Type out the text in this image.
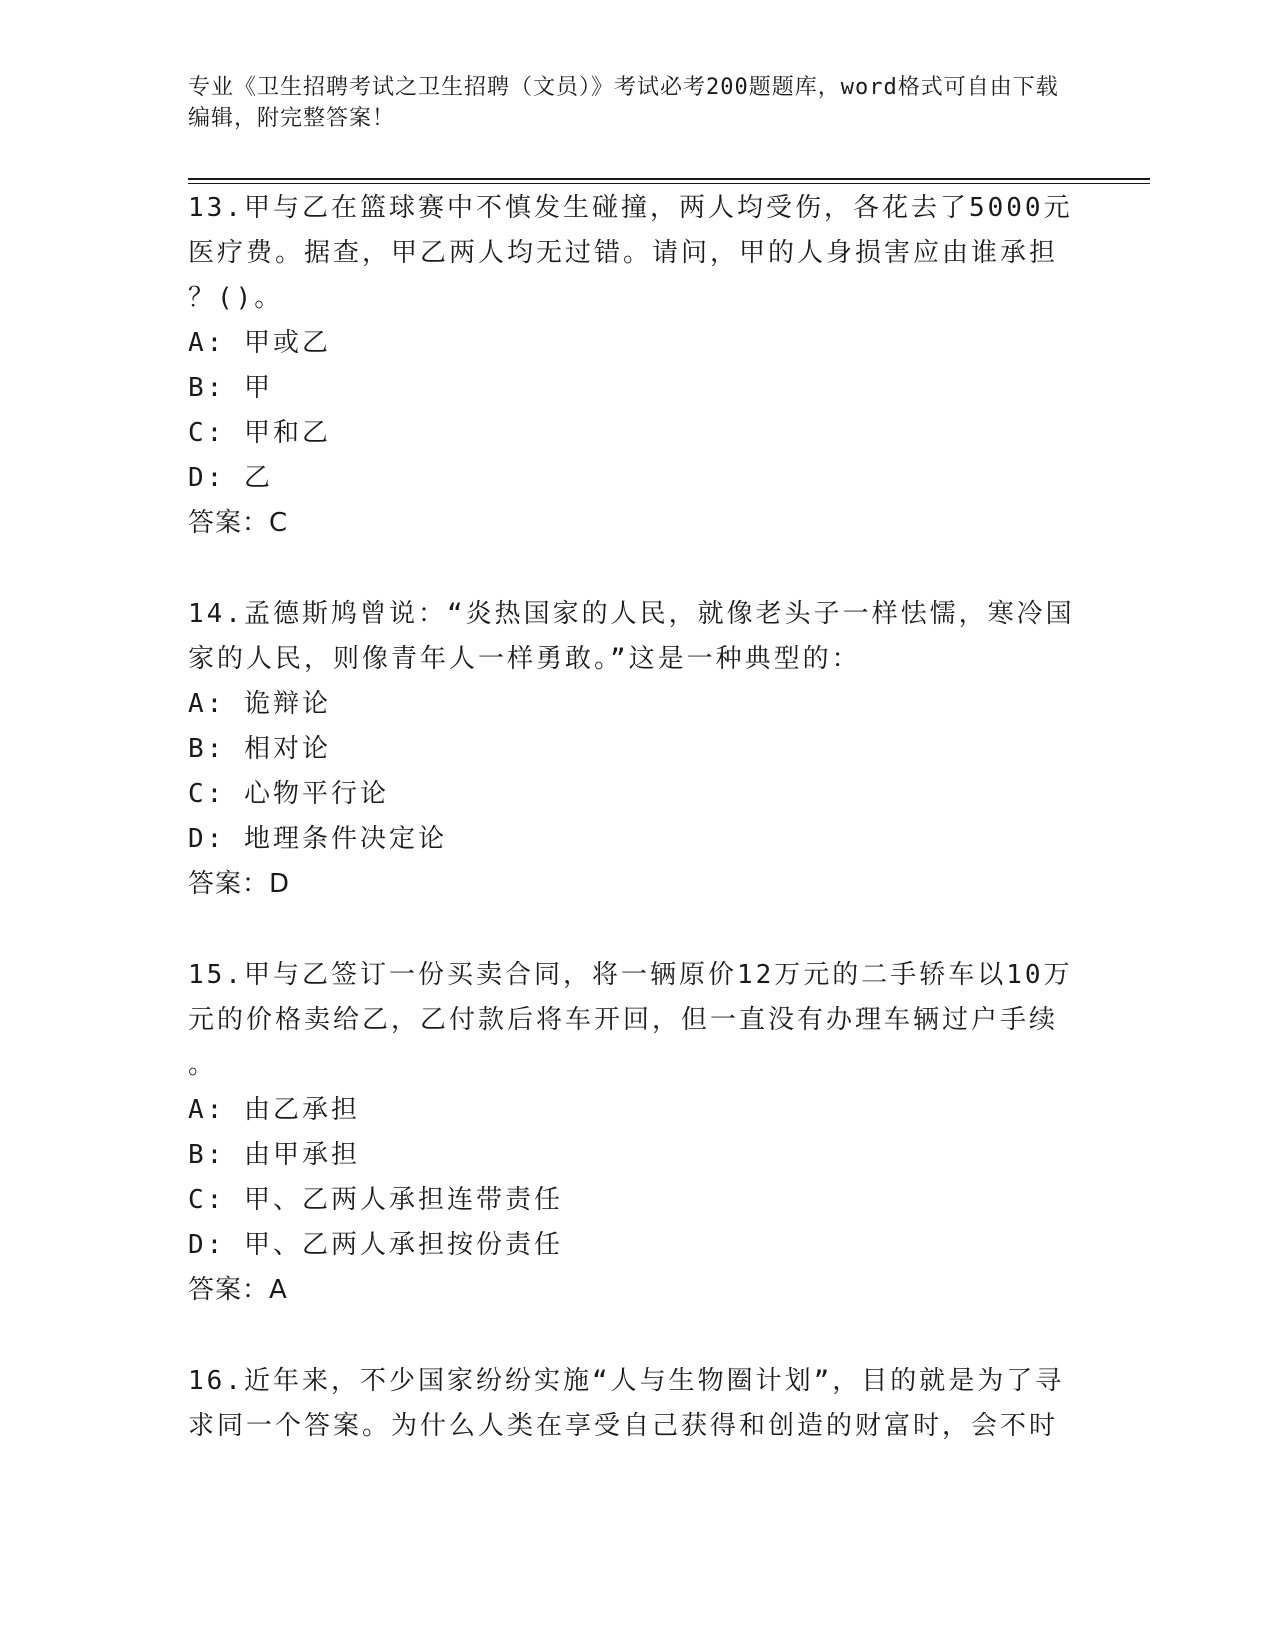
专业《卫生招聘考试之卫生招聘（文员）》考试必考200题题库，word格式可自由下载编辑，附完整答案！
13.甲与乙在篮球赛中不慎发生碰撞，两人均受伤，各花去了5000元
医疗费。据查，甲乙两人均无过错。请问，甲的人身损害应由谁承担
？()。
A: 甲或乙
B: 甲
C: 甲和乙
D: 乙
答案：C
14.孟德斯鸠曾说：“炎热国家的人民，就像老头子一样怯懦，寒冷国
家的人民，则像青年人一样勇敢。”这是一种典型的：
A: 诡辩论
B: 相对论
C: 心物平行论
D: 地理条件决定论
答案：D
15.甲与乙签订一份买卖合同，将一辆原价12万元的二手轿车以10万
元的价格卖给乙，乙付款后将车开回，但一直没有办理车辆过户手续
。
A: 由乙承担
B: 由甲承担
C: 甲、乙两人承担连带责任
D: 甲、乙两人承担按份责任
答案：A
16.近年来，不少国家纷纷实施“人与生物圈计划”，目的就是为了寻
求同一个答案。为什么人类在享受自己获得和创造的财富时，会不时
